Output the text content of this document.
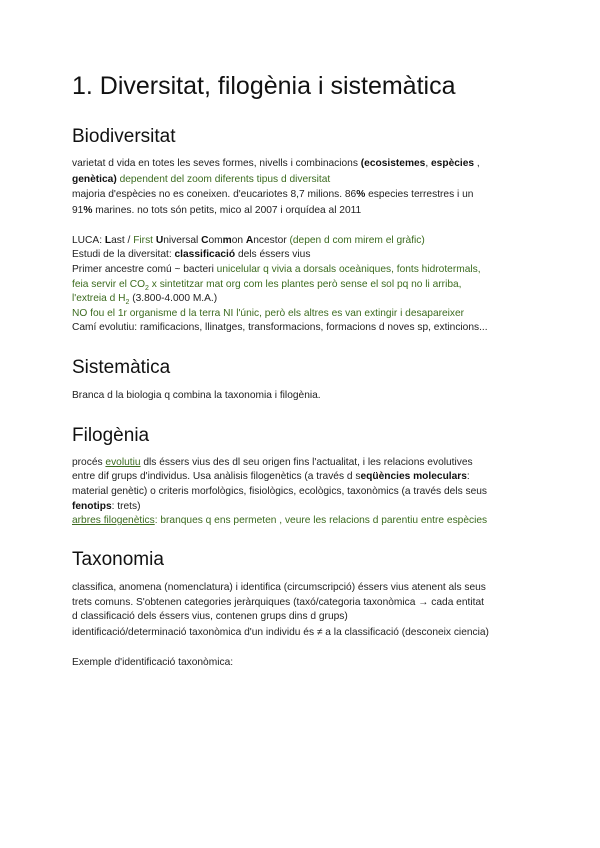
1. Diversitat, filogènia i sistemàtica
Biodiversitat
varietat d vida en totes les seves formes, nivells i combinacions (ecosistemes, espècies ,
genètica) dependent del zoom diferents tipus d diversitat
majoria d'espècies no es coneixen. d'eucariotes 8,7 milions. 86% especies terrestres i un
91% marines. no tots són petits, mico al 2007 i orquídea al 2011
LUCA: Last / First Universal Common Ancestor (depen d com mirem el gràfic)
Estudi de la diversitat: classificació dels éssers vius
Primer ancestre comú ~ bacteri unicelular q vivia a dorsals oceàniques, fonts hidrotermals,
feia servir el $CO_2$ x sintetitzar mat org com les plantes però sense el sol pq no li arriba,
l'extreia d $H_2$ (3.800-4.000 M.A.)
NO fou el 1r organisme d la terra NI l'únic, però els altres es van extingir i desapareixer
Camí evolutiu: ramificacions, llinatges, transformacions, formacions d noves sp, extincions...
Sistemàtica
Branca d la biologia q combina la taxonomia i filogènia.
Filogènia
procés evolutiu dls éssers vius des dl seu origen fins l'actualitat, i les relacions evolutives
entre dif grups d'individus. Usa anàlisis filogenètics (a través d seqüències moleculars:
material genètic) o criteris morfològics, fisiològics, ecològics, taxonòmics (a través dels seus
fenotips: trets)
arbres filogenètics: branques q ens permeten , veure les relacions d parentiu entre espècies
Taxonomia
classifica, anomena (nomenclatura) i identifica (circumscripció) éssers vius atenent als seus
trets comuns. S'obtenen categories jeràrquiques (taxó/categoria taxonòmica → cada entitat
d classificació dels éssers vius, contenen grups dins d grups)
identificació/determinació taxonòmica d'un individu és ≠ a la classificació (desconeix ciencia)
Exemple d'identificació taxonòmica:
